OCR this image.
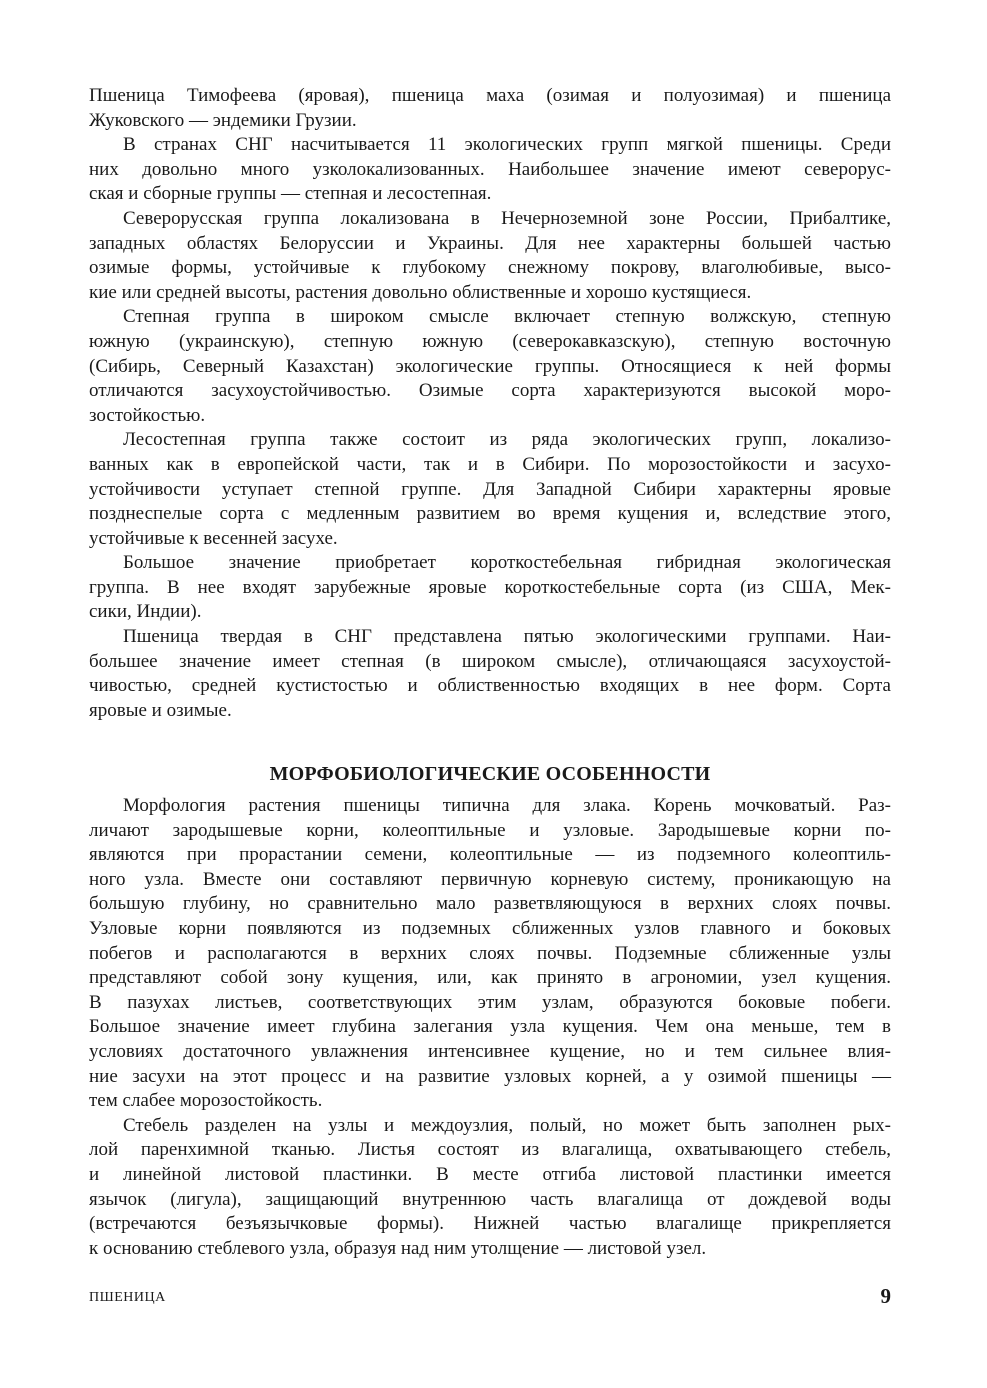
Пшеница Тимофеева (яровая), пшеница маха (озимая и полуозимая) и пшеница
Жуковского — эндемики Грузии.
В странах СНГ насчитывается 11 экологических групп мягкой пшеницы. Среди
них довольно много узколокализованных. Наибольшее значение имеют северорус-
ская и сборные группы — степная и лесостепная.
Северорусская группа локализована в Нечерноземной зоне России, Прибалтике,
западных областях Белоруссии и Украины. Для нее характерны большей частью
озимые формы, устойчивые к глубокому снежному покрову, влаголюбивые, высо-
кие или средней высоты, растения довольно облиственные и хорошо кустящиеся.
Степная группа в широком смысле включает степную волжскую, степную
южную (украинскую), степную южную (северокавказскую), степную восточную
(Сибирь, Северный Казахстан) экологические группы. Относящиеся к ней формы
отличаются засухоустойчивостью. Озимые сорта характеризуются высокой моро-
зостойкостью.
Лесостепная группа также состоит из ряда экологических групп, локализо-
ванных как в европейской части, так и в Сибири. По морозостойкости и засухо-
устойчивости уступает степной группе. Для Западной Сибири характерны яровые
позднеспелые сорта с медленным развитием во время кущения и, вследствие этого,
устойчивые к весенней засухе.
Большое значение приобретает короткостебельная гибридная экологическая
группа. В нее входят зарубежные яровые короткостебельные сорта (из США, Мек-
сики, Индии).
Пшеница твердая в СНГ представлена пятью экологическими группами. Наи-
большее значение имеет степная (в широком смысле), отличающаяся засухоустой-
чивостью, средней кустистостью и облиственностью входящих в нее форм. Сорта
яровые и озимые.
МОРФОБИОЛОГИЧЕСКИЕ ОСОБЕННОСТИ
Морфология растения пшеницы типична для злака. Корень мочковатый. Раз-
личают зародышевые корни, колеоптильные и узловые. Зародышевые корни по-
являются при прорастании семени, колеоптильные — из подземного колеоптиль-
ного узла. Вместе они составляют первичную корневую систему, проникающую на
большую глубину, но сравнительно мало разветвляющуюся в верхних слоях почвы.
Узловые корни появляются из подземных сближенных узлов главного и боковых
побегов и располагаются в верхних слоях почвы. Подземные сближенные узлы
представляют собой зону кущения, или, как принято в агрономии, узел кущения.
В пазухах листьев, соответствующих этим узлам, образуются боковые побеги.
Большое значение имеет глубина залегания узла кущения. Чем она меньше, тем в
условиях достаточного увлажнения интенсивнее кущение, но и тем сильнее влия-
ние засухи на этот процесс и на развитие узловых корней, а у озимой пшеницы —
тем слабее морозостойкость.
Стебель разделен на узлы и междоузлия, полый, но может быть заполнен рых-
лой паренхимной тканью. Листья состоят из влагалища, охватывающего стебель,
и линейной листовой пластинки. В месте отгиба листовой пластинки имеется
язычок (лигула), защищающий внутреннюю часть влагалища от дождевой воды
(встречаются безъязычковые формы). Нижней частью влагалище прикрепляется
к основанию стеблевого узла, образуя над ним утолщение — листовой узел.
ПШЕНИЦА	9
